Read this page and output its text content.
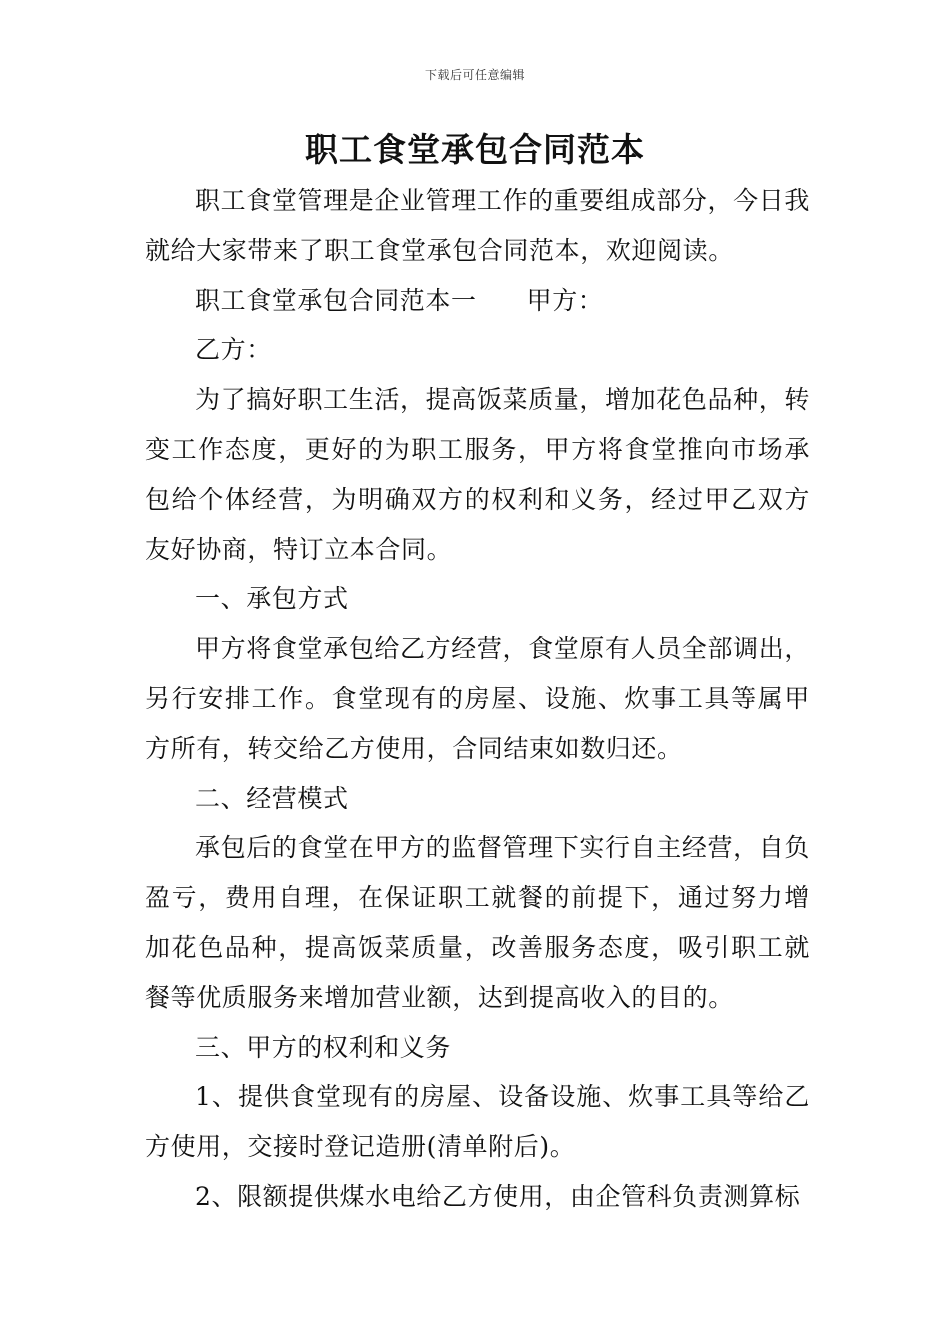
下载后可任意编辑
职工食堂承包合同范本

职工食堂管理是企业管理工作的重要组成部分，今日我就给大家带来了职工食堂承包合同范本，欢迎阅读。

职工食堂承包合同范本一 甲方：

乙方：

为了搞好职工生活，提高饭菜质量，增加花色品种，转变工作态度，更好的为职工服务，甲方将食堂推向市场承包给个体经营，为明确双方的权利和义务，经过甲乙双方友好协商，特订立本合同。

一、承包方式

甲方将食堂承包给乙方经营，食堂原有人员全部调出，另行安排工作。食堂现有的房屋、设施、炊事工具等属甲方所有，转交给乙方使用，合同结束如数归还。

二、经营模式

承包后的食堂在甲方的监督管理下实行自主经营，自负盈亏，费用自理，在保证职工就餐的前提下，通过努力增加花色品种，提高饭菜质量，改善服务态度，吸引职工就餐等优质服务来增加营业额，达到提高收入的目的。

三、甲方的权利和义务

1、提供食堂现有的房屋、设备设施、炊事工具等给乙方使用，交接时登记造册(清单附后)。

2、限额提供煤水电给乙方使用，由企管科负责测算标
